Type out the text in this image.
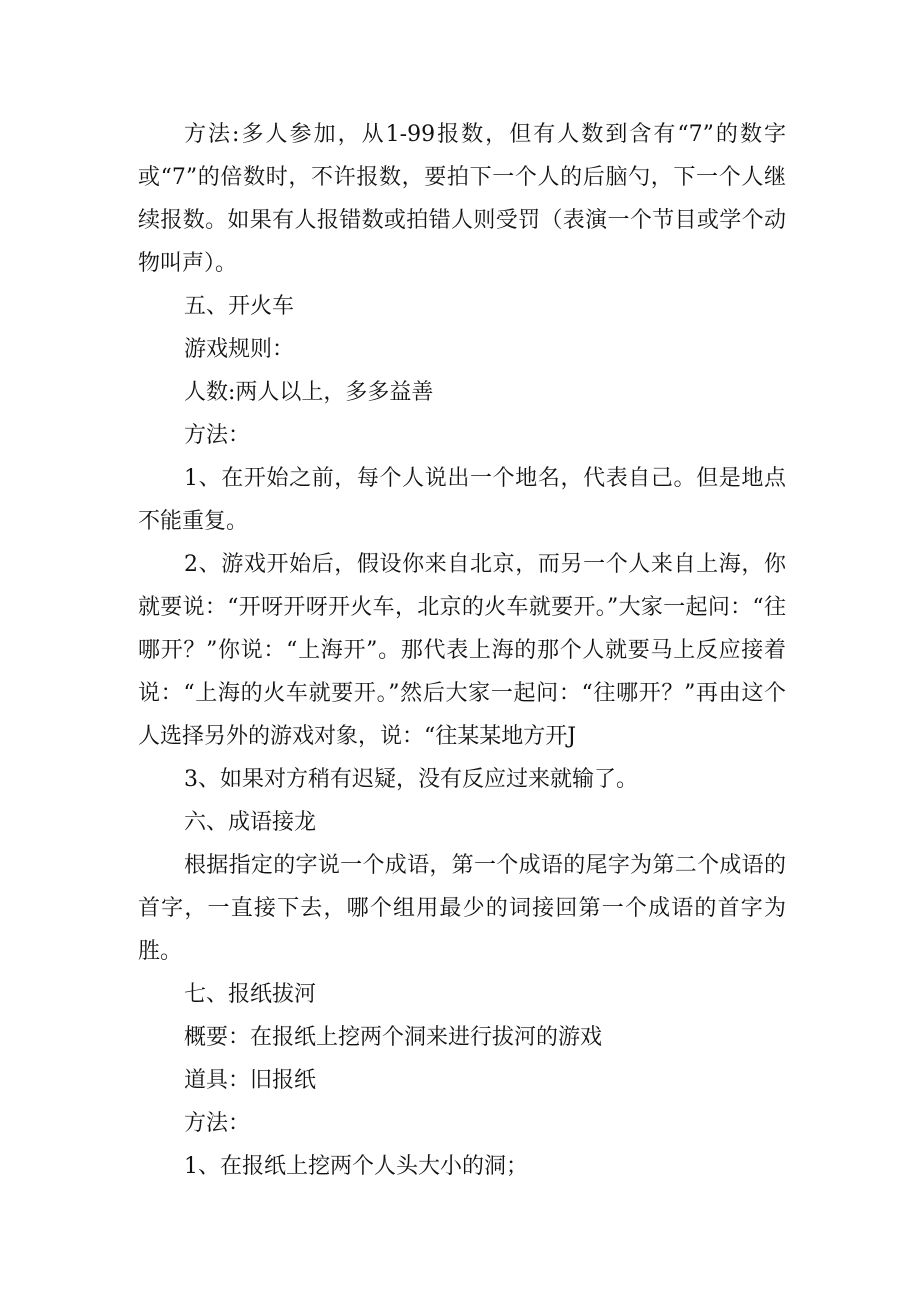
方法:多人参加，从1-99报数，但有人数到含有“7”的数字或“7”的倍数时，不许报数，要拍下一个人的后脑勺，下一个人继续报数。如果有人报错数或拍错人则受罚（表演一个节目或学个动物叫声）。

五、开火车

游戏规则：

人数:两人以上，多多益善

方法：

1、在开始之前，每个人说出一个地名，代表自己。但是地点不能重复。

2、游戏开始后，假设你来自北京，而另一个人来自上海，你就要说：“开呀开呀开火车，北京的火车就要开。”大家一起问：“往哪开？”你说：“上海开”。那代表上海的那个人就要马上反应接着说：“上海的火车就要开。”然后大家一起问：“往哪开？”再由这个人选择另外的游戏对象，说：“往某某地方开J

3、如果对方稍有迟疑，没有反应过来就输了。

六、成语接龙

根据指定的字说一个成语，第一个成语的尾字为第二个成语的首字，一直接下去，哪个组用最少的词接回第一个成语的首字为胜。

七、报纸拔河

概要：在报纸上挖两个洞来进行拔河的游戏

道具：旧报纸

方法：

1、在报纸上挖两个人头大小的洞；
